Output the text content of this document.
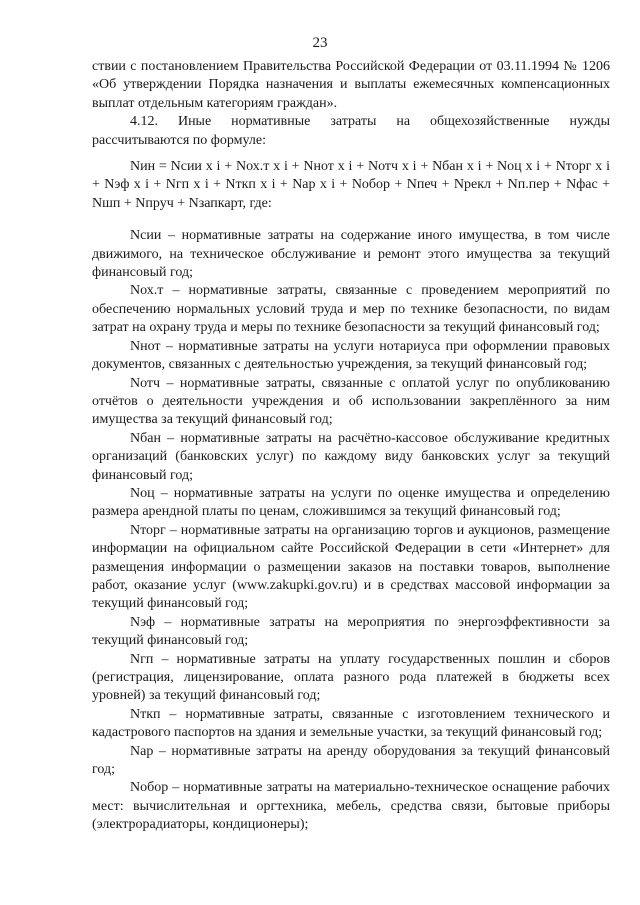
23

ствии с постановлением Правительства Российской Федерации от 03.11.1994 № 1206 «Об утверждении Порядка назначения и выплаты ежемесячных компенсационных выплат отдельным категориям граждан».

4.12. Иные нормативные затраты на общехозяйственные нужды рассчитываются по формуле:

Nин = Nсии x i + Nох.т x i + Nнот x i + Nотч x i + Nбан x i + Nоц x i + Nторг x i + Nэф x i + Nгп x i + Nткп x i + Nар x i + Nобор + Nпеч + Nрекл + Nп.пер + Nфас + Nшп + Nпруч + Nзапкарт, где:

Nсии – нормативные затраты на содержание иного имущества, в том числе движимого, на техническое обслуживание и ремонт этого имущества за текущий финансовый год;

Nох.т – нормативные затраты, связанные с проведением мероприятий по обеспечению нормальных условий труда и мер по технике безопасности, по видам затрат на охрану труда и меры по технике безопасности за текущий финансовый год;

Nнот – нормативные затраты на услуги нотариуса при оформлении правовых документов, связанных с деятельностью учреждения, за текущий финансовый год;

Nотч – нормативные затраты, связанные с оплатой услуг по опубликованию отчётов о деятельности учреждения и об использовании закреплённого за ним имущества за текущий финансовый год;

Nбан – нормативные затраты на расчётно-кассовое обслуживание кредитных организаций (банковских услуг) по каждому виду банковских услуг за текущий финансовый год;

Nоц – нормативные затраты на услуги по оценке имущества и определению размера арендной платы по ценам, сложившимся за текущий финансовый год;

Nторг – нормативные затраты на организацию торгов и аукционов, размещение информации на официальном сайте Российской Федерации в сети «Интернет» для размещения информации о размещении заказов на поставки товаров, выполнение работ, оказание услуг (www.zakupki.gov.ru) и в средствах массовой информации за текущий финансовый год;

Nэф – нормативные затраты на мероприятия по энергоэффективности за текущий финансовый год;

Nгп – нормативные затраты на уплату государственных пошлин и сборов (регистрация, лицензирование, оплата разного рода платежей в бюджеты всех уровней) за текущий финансовый год;

Nткп – нормативные затраты, связанные с изготовлением технического и кадастрового паспортов на здания и земельные участки, за текущий финансовый год;

Nар – нормативные затраты на аренду оборудования за текущий финансовый год;

Nобор – нормативные затраты на материально-техническое оснащение рабочих мест: вычислительная и оргтехника, мебель, средства связи, бытовые приборы (электрорадиаторы, кондиционеры);
